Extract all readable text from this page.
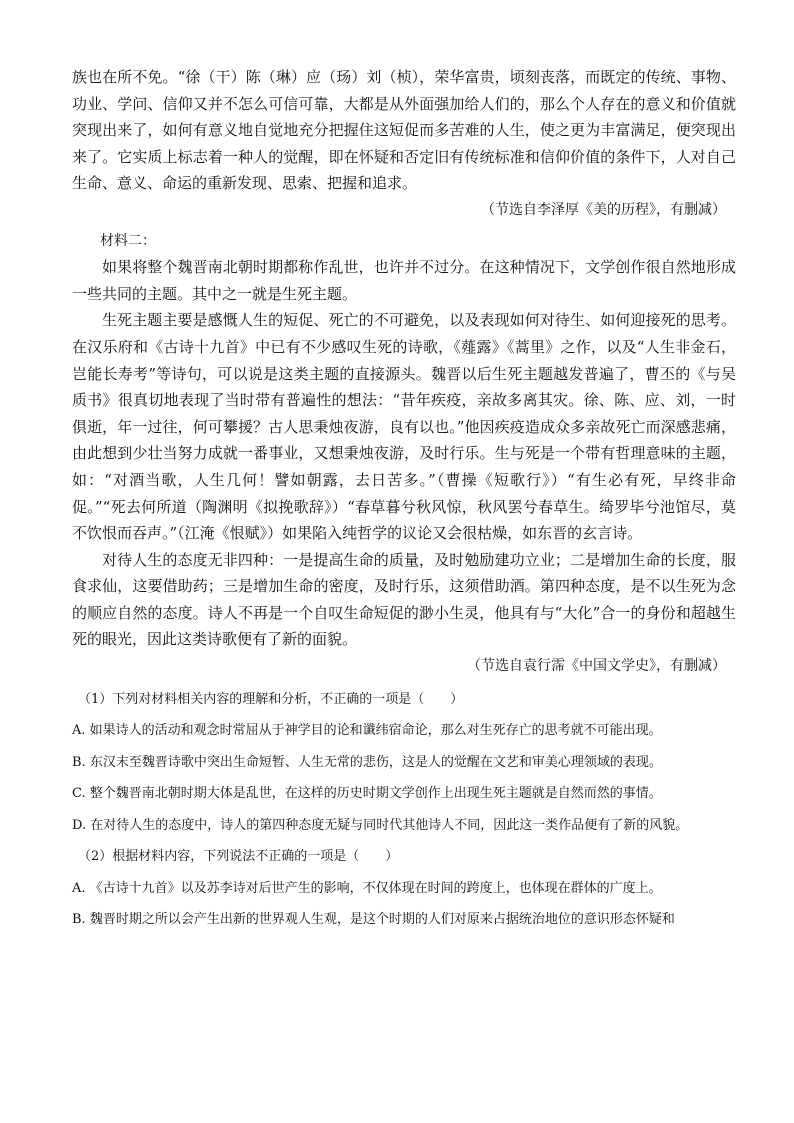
族也在所不免。“徐（干）陈（琳）应（玚）刘（桢），荣华富贵，顷刻丧落，而既定的传统、事物、功业、学问、信仰又并不怎么可信可靠，大都是从外面强加给人们的，那么个人存在的意义和价值就突现出来了，如何有意义地自觉地充分把握住这短促而多苦难的人生，使之更为丰富满足，便突现出来了。它实质上标志着一种人的觉醒，即在怀疑和否定旧有传统标准和信仰价值的条件下，人对自己生命、意义、命运的重新发现、思索、把握和追求。

（节选自李泽厚《美的历程》，有删减）

材料二：

如果将整个魏晋南北朝时期都称作乱世，也许并不过分。在这种情况下，文学创作很自然地形成一些共同的主题。其中之一就是生死主题。

生死主题主要是感慨人生的短促、死亡的不可避免，以及表现如何对待生、如何迎接死的思考。在汉乐府和《古诗十九首》中已有不少感叹生死的诗歌，《薤露》《蒿里》之作，以及“人生非金石，岂能长寿考”等诗句，可以说是这类主题的直接源头。魏晋以后生死主题越发普遍了，曹丕的《与吴质书》很真切地表现了当时带有普遍性的想法：“昔年疾疫，亲故多离其灾。徐、陈、应、刘，一时俱逝，年一过往，何可攀援？古人思秉烛夜游，良有以也。”他因疾疫造成众多亲故死亡而深感悲痛，由此想到少壮当努力成就一番事业，又想秉烛夜游，及时行乐。生与死是一个带有哲理意味的主题，如：“对酒当歌，人生几何！譬如朝露，去日苦多。”（曹操《短歌行》）“有生必有死，早终非命促。”“死去何所道（陶渊明《拟挽歌辞》）“春草暮兮秋风惊，秋风罢兮春草生。绮罗毕兮池馆尽，莫不饮恨而吞声。”（江淹《恨赋》）如果陷入纯哲学的议论又会很枯燥，如东晋的玄言诗。

对待人生的态度无非四种：一是提高生命的质量，及时勉励建功立业；二是增加生命的长度，服食求仙，这要借助药；三是增加生命的密度，及时行乐，这须借助酒。第四种态度，是不以生死为念的顺应自然的态度。诗人不再是一个自叹生命短促的渺小生灵，他具有与“大化”合一的身份和超越生死的眼光，因此这类诗歌便有了新的面貌。

（节选自袁行霈《中国文学史》，有删减）

（1）下列对材料相关内容的理解和分析，不正确的一项是（　　）

A. 如果诗人的活动和观念时常屈从于神学目的论和谶纬宿命论，那么对生死存亡的思考就不可能出现。

B. 东汉末至魏晋诗歌中突出生命短暂、人生无常的悲伤，这是人的觉醒在文艺和审美心理领域的表现。

C. 整个魏晋南北朝时期大体是乱世，在这样的历史时期文学创作上出现生死主题就是自然而然的事情。

D. 在对待人生的态度中，诗人的第四种态度无疑与同时代其他诗人不同，因此这一类作品便有了新的风貌。

（2）根据材料内容，下列说法不正确的一项是（　　）

A. 《古诗十九首》以及苏李诗对后世产生的影响，不仅体现在时间的跨度上，也体现在群体的广度上。

B. 魏晋时期之所以会产生出新的世界观人生观，是这个时期的人们对原来占据统治地位的意识形态怀疑和
